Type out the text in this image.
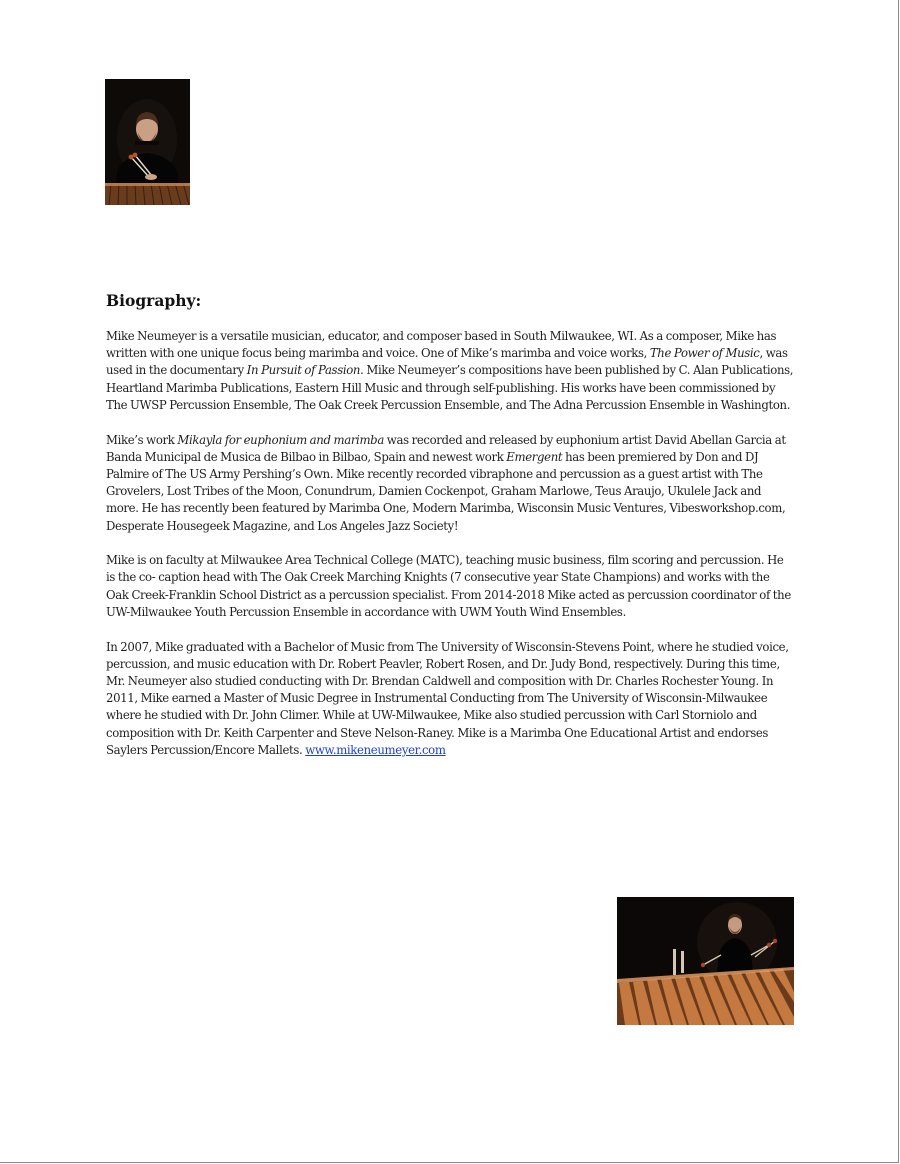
Biography:

Mike Neumeyer is a versatile musician, educator, and composer based in South Milwaukee, WI. As a composer, Mike has written with one unique focus being marimba and voice. One of Mike’s marimba and voice works, The Power of Music, was used in the documentary In Pursuit of Passion. Mike Neumeyer’s compositions have been published by C. Alan Publications, Heartland Marimba Publications, Eastern Hill Music and through self-publishing. His works have been commissioned by The UWSP Percussion Ensemble, The Oak Creek Percussion Ensemble, and The Adna Percussion Ensemble in Washington.

Mike’s work Mikayla for euphonium and marimba was recorded and released by euphonium artist David Abellan Garcia at Banda Municipal de Musica de Bilbao in Bilbao, Spain and newest work Emergent has been premiered by Don and DJ Palmire of The US Army Pershing’s Own. Mike recently recorded vibraphone and percussion as a guest artist with The Grovelers, Lost Tribes of the Moon, Conundrum, Damien Cockenpot, Graham Marlowe, Teus Araujo, Ukulele Jack and more. He has recently been featured by Marimba One, Modern Marimba, Wisconsin Music Ventures, Vibesworkshop.com, Desperate Housegeek Magazine, and Los Angeles Jazz Society!

Mike is on faculty at Milwaukee Area Technical College (MATC), teaching music business, film scoring and percussion. He is the co- caption head with The Oak Creek Marching Knights (7 consecutive year State Champions) and works with the Oak Creek-Franklin School District as a percussion specialist. From 2014-2018 Mike acted as percussion coordinator of the UW-Milwaukee Youth Percussion Ensemble in accordance with UWM Youth Wind Ensembles.

In 2007, Mike graduated with a Bachelor of Music from The University of Wisconsin-Stevens Point, where he studied voice, percussion, and music education with Dr. Robert Peavler, Robert Rosen, and Dr. Judy Bond, respectively. During this time, Mr. Neumeyer also studied conducting with Dr. Brendan Caldwell and composition with Dr. Charles Rochester Young. In 2011, Mike earned a Master of Music Degree in Instrumental Conducting from The University of Wisconsin-Milwaukee where he studied with Dr. John Climer. While at UW-Milwaukee, Mike also studied percussion with Carl Storniolo and composition with Dr. Keith Carpenter and Steve Nelson-Raney. Mike is a Marimba One Educational Artist and endorses Saylers Percussion/Encore Mallets. www.mikeneumeyer.com
